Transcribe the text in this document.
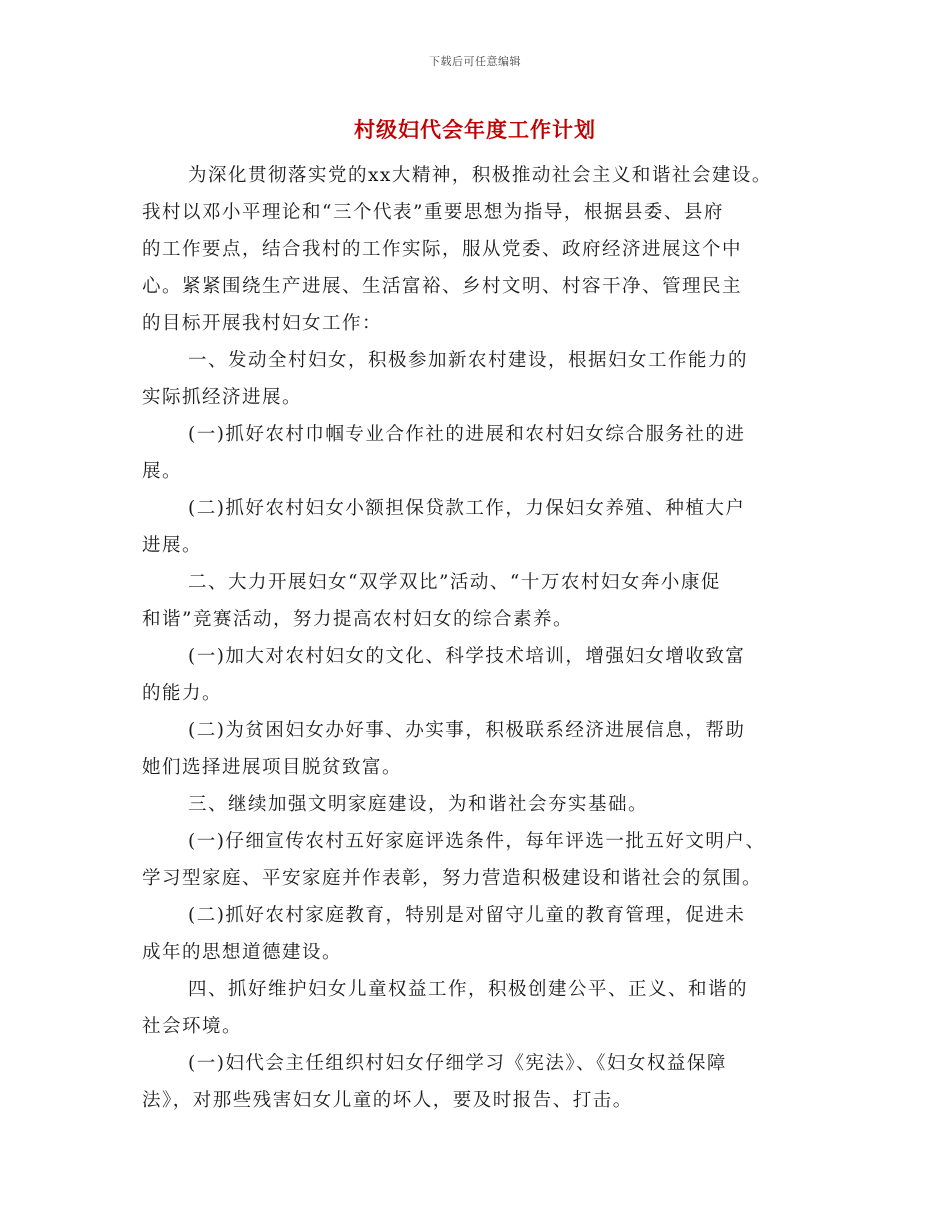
下载后可任意编辑
村级妇代会年度工作计划
为深化贯彻落实党的xx大精神，积极推动社会主义和谐社会建设。
我村以邓小平理论和“三个代表”重要思想为指导，根据县委、县府
的工作要点，结合我村的工作实际，服从党委、政府经济进展这个中
心。紧紧围绕生产进展、生活富裕、乡村文明、村容干净、管理民主
的目标开展我村妇女工作：
一、发动全村妇女，积极参加新农村建设，根据妇女工作能力的
实际抓经济进展。
(一)抓好农村巾帼专业合作社的进展和农村妇女综合服务社的进
展。
(二)抓好农村妇女小额担保贷款工作，力保妇女养殖、种植大户
进展。
二、大力开展妇女“双学双比”活动、“十万农村妇女奔小康促
和谐”竞赛活动，努力提高农村妇女的综合素养。
(一)加大对农村妇女的文化、科学技术培训，增强妇女增收致富
的能力。
(二)为贫困妇女办好事、办实事，积极联系经济进展信息，帮助
她们选择进展项目脱贫致富。
三、继续加强文明家庭建设，为和谐社会夯实基础。
(一)仔细宣传农村五好家庭评选条件，每年评选一批五好文明户、
学习型家庭、平安家庭并作表彰，努力营造积极建设和谐社会的氛围。
(二)抓好农村家庭教育，特别是对留守儿童的教育管理，促进未
成年的思想道德建设。
四、抓好维护妇女儿童权益工作，积极创建公平、正义、和谐的
社会环境。
(一)妇代会主任组织村妇女仔细学习《宪法》、《妇女权益保障
法》，对那些残害妇女儿童的坏人，要及时报告、打击。
